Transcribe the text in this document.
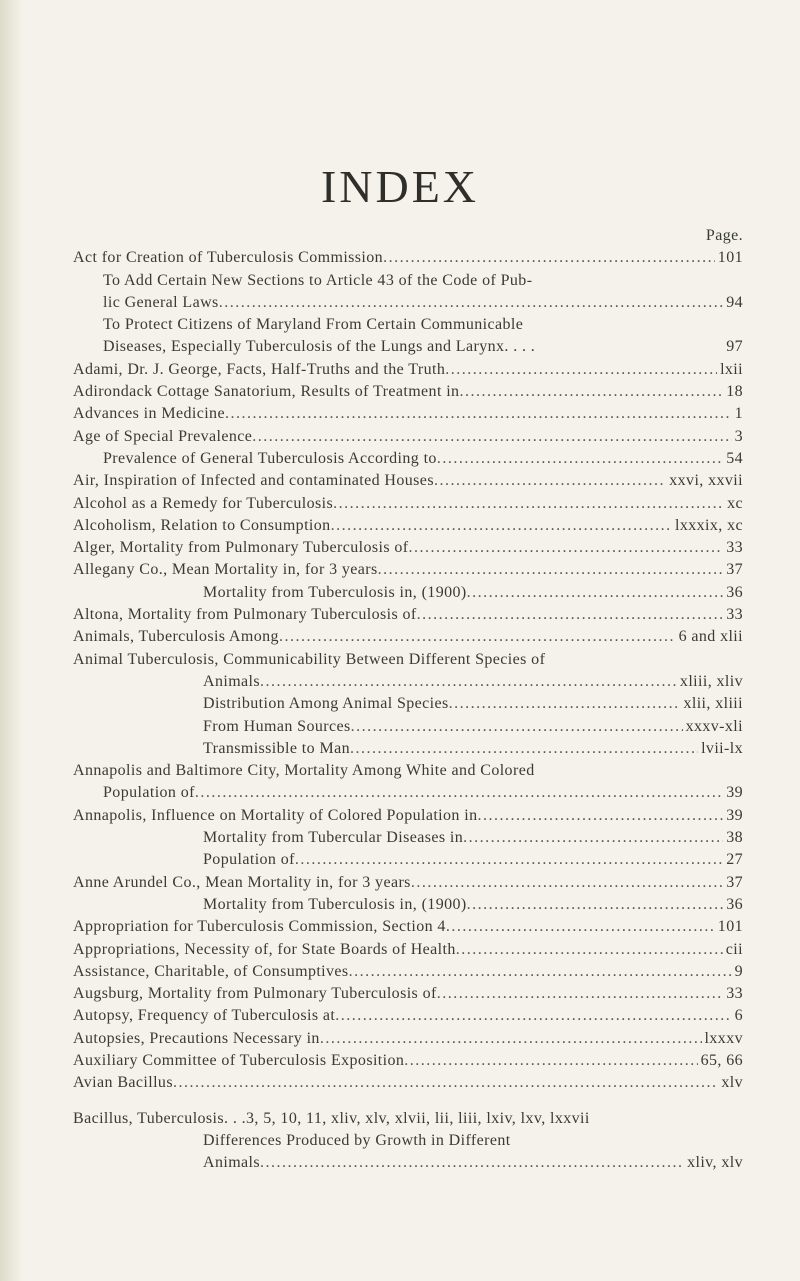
INDEX
Page.
Act for Creation of Tuberculosis Commission .....	101
To Add Certain New Sections to Article 43 of the Code of Pub-
lic General Laws .....	94
To Protect Citizens of Maryland From Certain Communicable
Diseases, Especially Tuberculosis of the Lungs and Larynx. . . .	97
Adami, Dr. J. George, Facts, Half-Truths and the Truth .....	lxii
Adirondack Cottage Sanatorium, Results of Treatment in .....	18
Advances in Medicine .....	1
Age of Special Prevalence .....	3
Prevalence of General Tuberculosis According to .....	54
Air, Inspiration of Infected and contaminated Houses .....	xxvi, xxvii
Alcohol as a Remedy for Tuberculosis .....	xc
Alcoholism, Relation to Consumption .....	lxxxix, xc
Alger, Mortality from Pulmonary Tuberculosis of .....	33
Allegany Co., Mean Mortality in, for 3 years .....	37
Mortality from Tuberculosis in, (1900) .....	36
Altona, Mortality from Pulmonary Tuberculosis of .....	33
Animals, Tuberculosis Among .....	6 and xlii
Animal Tuberculosis, Communicability Between Different Species of
Animals .....	xliii, xliv
Distribution Among Animal Species .....	xlii, xliii
From Human Sources .....	xxxv-xli
Transmissible to Man .....	lvii-lx
Annapolis and Baltimore City, Mortality Among White and Colored
Population of .....	39
Annapolis, Influence on Mortality of Colored Population in .....	39
Mortality from Tubercular Diseases in .....	38
Population of .....	27
Anne Arundel Co., Mean Mortality in, for 3 years .....	37
Mortality from Tuberculosis in, (1900) .....	36
Appropriation for Tuberculosis Commission, Section 4 .....	101
Appropriations, Necessity of, for State Boards of Health .....	cii
Assistance, Charitable, of Consumptives .....	9
Augsburg, Mortality from Pulmonary Tuberculosis of .....	33
Autopsy, Frequency of Tuberculosis at .....	6
Autopsies, Precautions Necessary in .....	lxxxv
Auxiliary Committee of Tuberculosis Exposition .....	65, 66
Avian Bacillus .....	xlv
Bacillus, Tuberculosis. . .3, 5, 10, 11, xliv, xlv, xlvii, lii, liii, lxiv, lxv, lxxvii
Differences Produced by Growth in Different
Animals .....	xliv, xlv
